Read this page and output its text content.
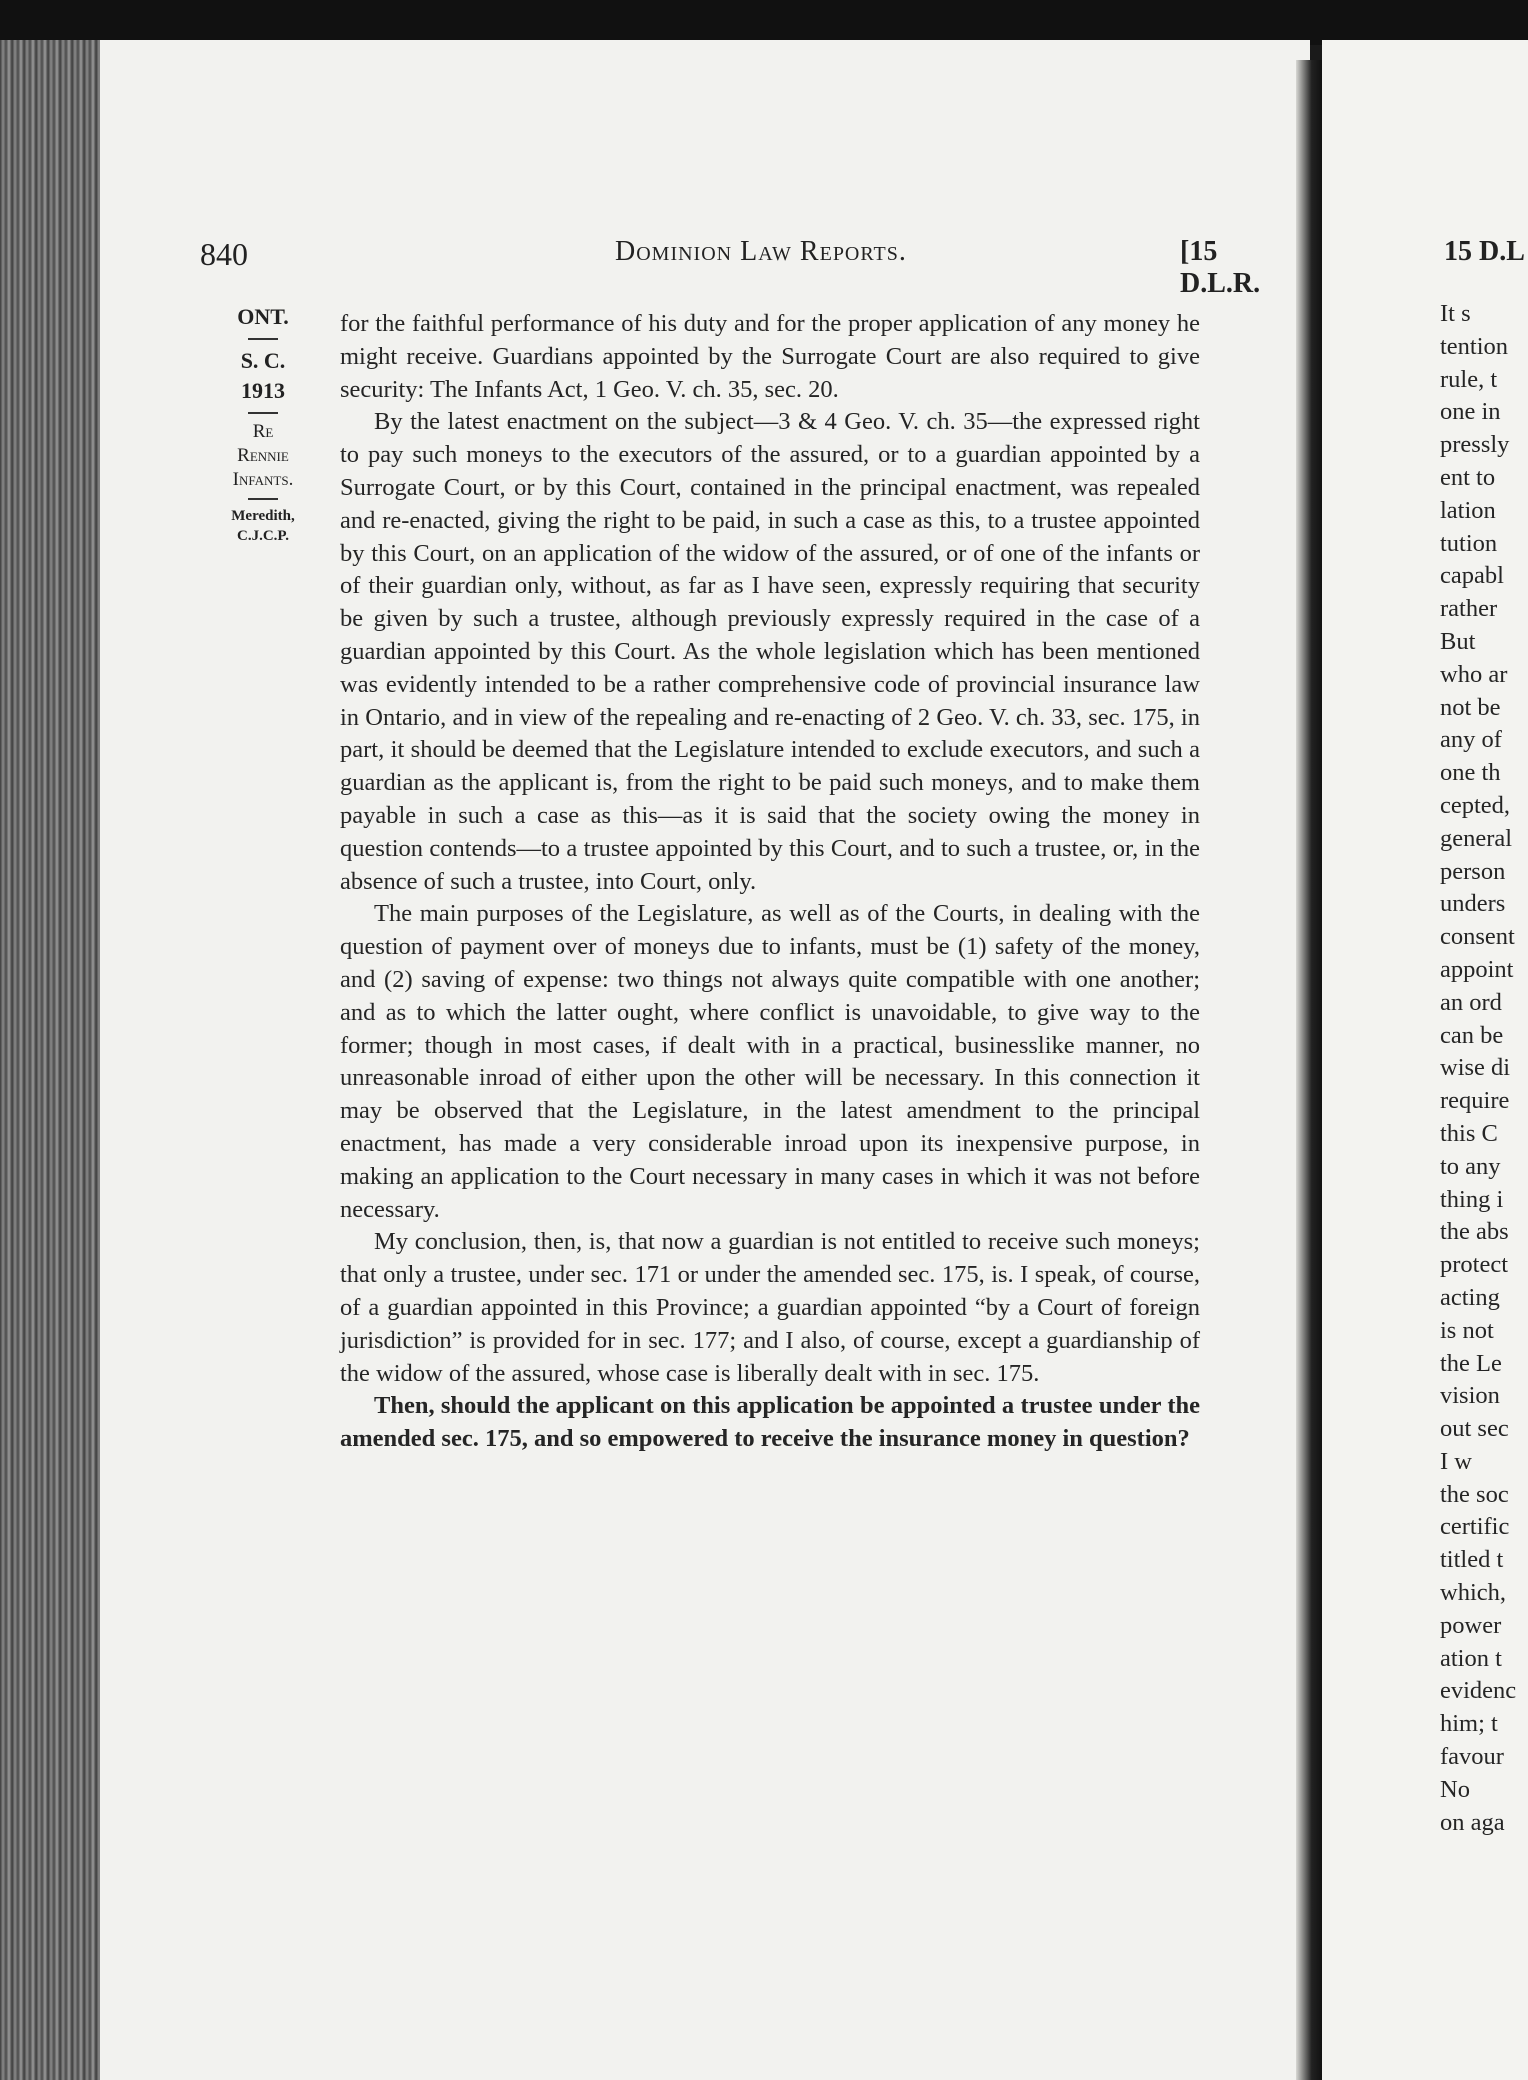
840	Dominion Law Reports.	[15 D.L.R.
ONT.
S. C.
1913
Re
Rennie
Infants.
Meredith,
C.J.C.P.

for the faithful performance of his duty and for the proper application of any money he might receive. Guardians appointed by the Surrogate Court are also required to give security: The Infants Act, 1 Geo. V. ch. 35, sec. 20.

By the latest enactment on the subject—3 & 4 Geo. V. ch. 35—the expressed right to pay such moneys to the executors of the assured, or to a guardian appointed by a Surrogate Court, or by this Court, contained in the principal enactment, was repealed and re-enacted, giving the right to be paid, in such a case as this, to a trustee appointed by this Court, on an application of the widow of the assured, or of one of the infants or of their guardian only, without, as far as I have seen, expressly requiring that security be given by such a trustee, although previously expressly required in the case of a guardian appointed by this Court. As the whole legislation which has been mentioned was evidently intended to be a rather comprehensive code of provincial insurance law in Ontario, and in view of the repealing and re-enacting of 2 Geo. V. ch. 33, sec. 175, in part, it should be deemed that the Legislature intended to exclude executors, and such a guardian as the applicant is, from the right to be paid such moneys, and to make them payable in such a case as this—as it is said that the society owing the money in question contends—to a trustee appointed by this Court, and to such a trustee, or, in the absence of such a trustee, into Court, only.

The main purposes of the Legislature, as well as of the Courts, in dealing with the question of payment over of moneys due to infants, must be (1) safety of the money, and (2) saving of expense: two things not always quite compatible with one another; and as to which the latter ought, where conflict is unavoidable, to give way to the former; though in most cases, if dealt with in a practical, businesslike manner, no unreasonable inroad of either upon the other will be necessary. In this connection it may be observed that the Legislature, in the latest amendment to the principal enactment, has made a very considerable inroad upon its inexpensive purpose, in making an application to the Court necessary in many cases in which it was not before necessary.

My conclusion, then, is, that now a guardian is not entitled to receive such moneys; that only a trustee, under sec. 171 or under the amended sec. 175, is. I speak, of course, of a guardian appointed in this Province; a guardian appointed “by a Court of foreign jurisdiction” is provided for in sec. 177; and I also, of course, except a guardianship of the widow of the assured, whose case is liberally dealt with in sec. 175.

Then, should the applicant on this application be appointed a trustee under the amended sec. 175, and so empowered to receive the insurance money in question?

15 D.L
It s
tention
rule, t
one in
pressly
ent to
lation
tution
capabl
rather
But
who ar
not be
any of
one th
cepted,
general
person
unders
consent
appoint
an ord
can be
wise di
require
this C
to any
thing i
the abs
protect
acting
is not
the Le
vision
out sec
I w
the soc
certific
titled t
which,
power
ation t
evidenc
him; t
favour
No
on aga
